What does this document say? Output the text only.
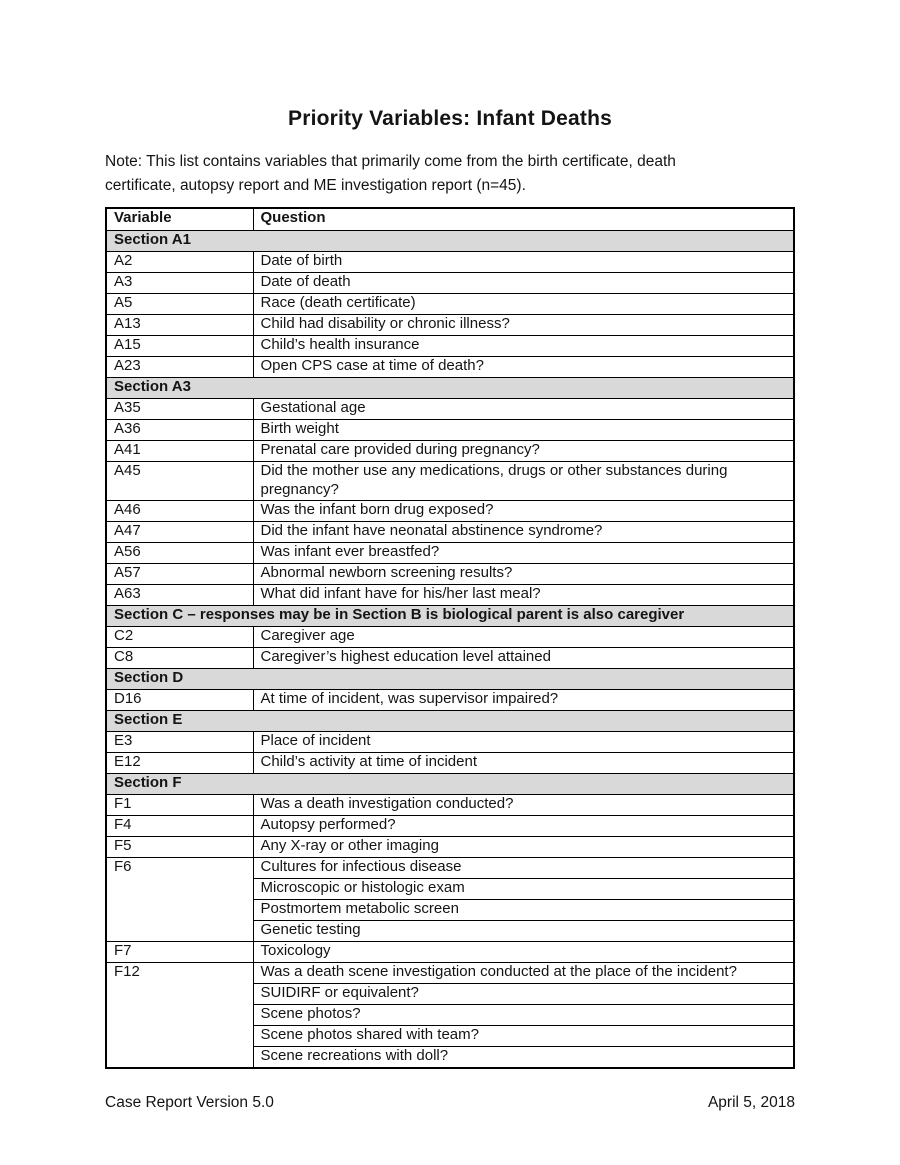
Priority Variables: Infant Deaths
Note: This list contains variables that primarily come from the birth certificate, death
certificate, autopsy report and ME investigation report (n=45).
Variable	Question
Section A1	
A2	Date of birth
A3	Date of death
A5	Race (death certificate)
A13	Child had disability or chronic illness?
A15	Child’s health insurance
A23	Open CPS case at time of death?
Section A3	
A35	Gestational age
A36	Birth weight
A41	Prenatal care provided during pregnancy?
A45	Did the mother use any medications, drugs or other substances during pregnancy?
A46	Was the infant born drug exposed?
A47	Did the infant have neonatal abstinence syndrome?
A56	Was infant ever breastfed?
A57	Abnormal newborn screening results?
A63	What did infant have for his/her last meal?
Section C – responses may be in Section B is biological parent is also caregiver	
C2	Caregiver age
C8	Caregiver’s highest education level attained
Section D	
D16	At time of incident, was supervisor impaired?
Section E	
E3	Place of incident
E12	Child’s activity at time of incident
Section F	
F1	Was a death investigation conducted?
F4	Autopsy performed?
F5	Any X-ray or other imaging
F6	Cultures for infectious disease
	Microscopic or histologic exam
	Postmortem metabolic screen
	Genetic testing
F7	Toxicology
F12	Was a death scene investigation conducted at the place of the incident?
	SUIDIRF or equivalent?
	Scene photos?
	Scene photos shared with team?
	Scene recreations with doll?
Case Report Version 5.0	April 5, 2018
